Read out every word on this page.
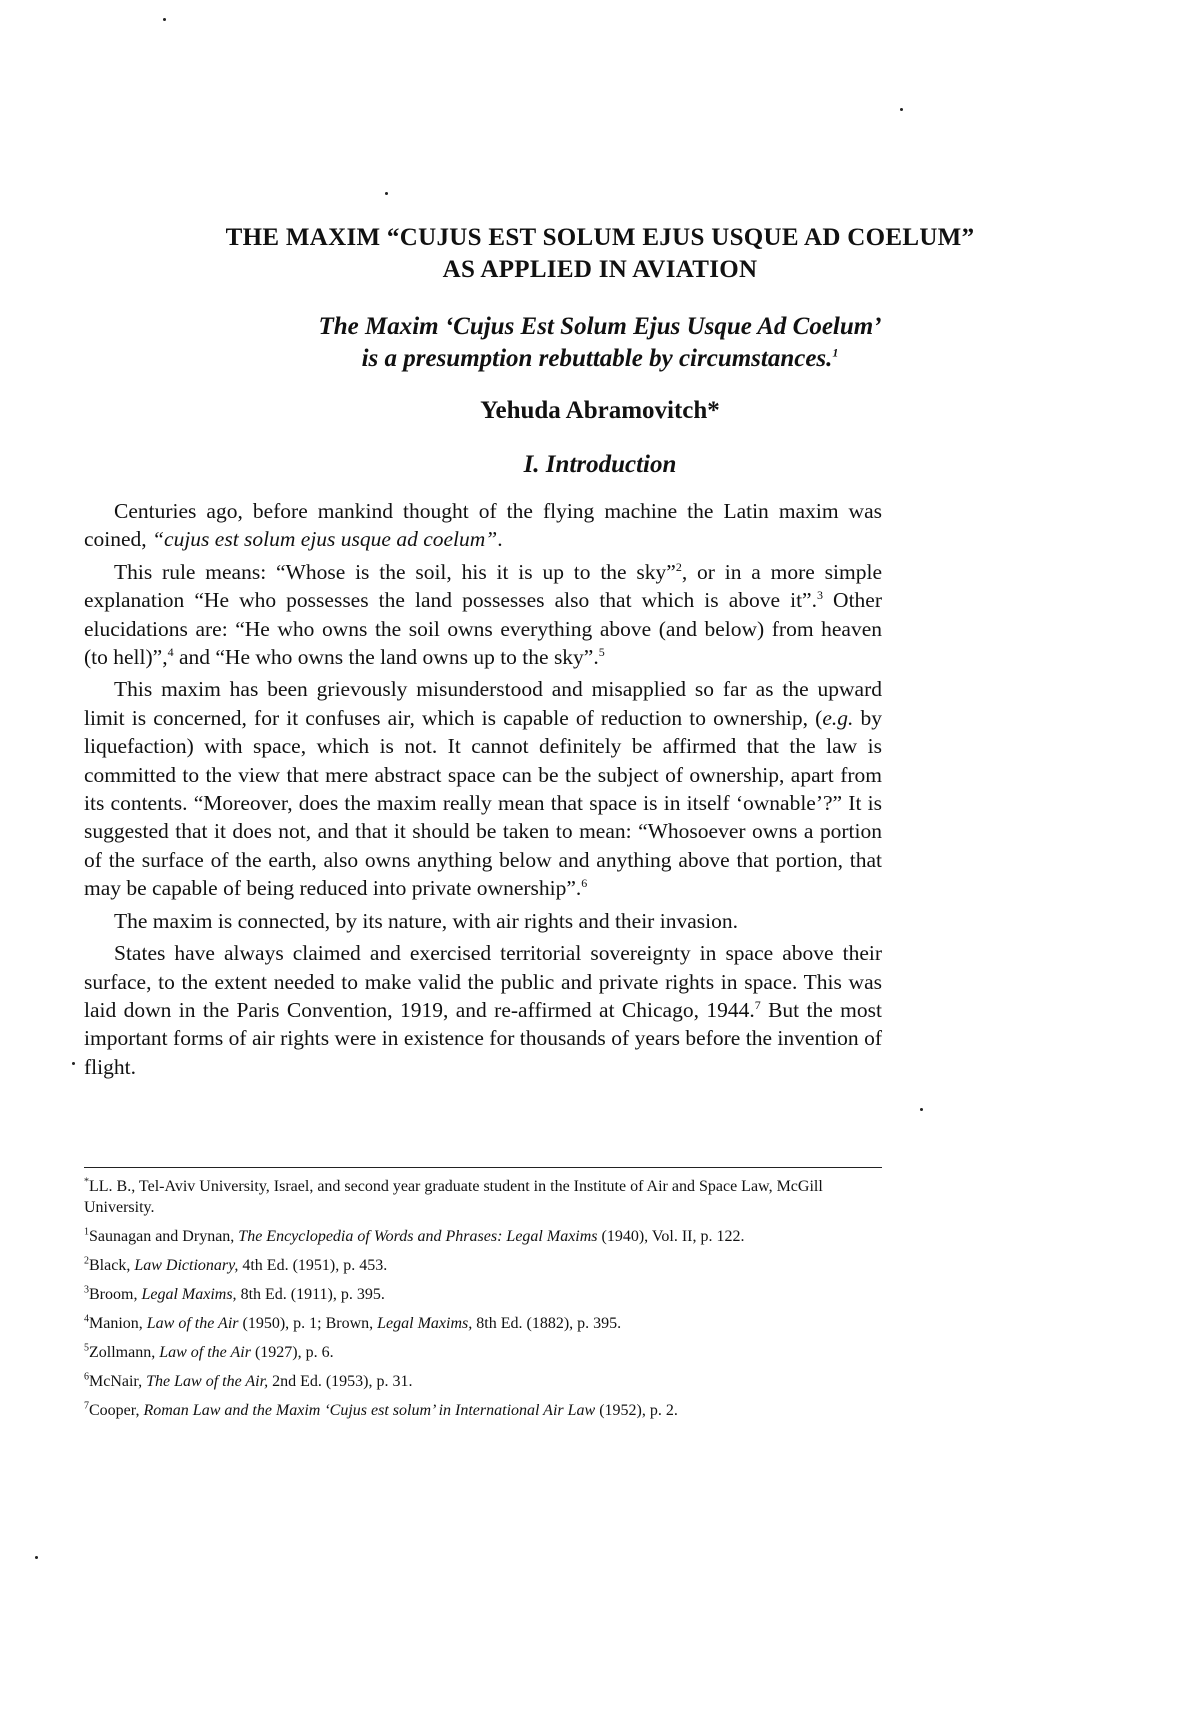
THE MAXIM “CUJUS EST SOLUM EJUS USQUE AD COELUM”
AS APPLIED IN AVIATION
The Maxim ‘Cujus Est Solum Ejus Usque Ad Coelum’
is a presumption rebuttable by circumstances.$^1$
Yehuda Abramovitch*
I. Introduction

Centuries ago, before mankind thought of the flying machine the Latin maxim was coined, “cujus est solum ejus usque ad coelum”.

This rule means: “Whose is the soil, his it is up to the sky”$^2$, or in a more simple explanation “He who possesses the land possesses also that which is above it”.$^3$ Other elucidations are: “He who owns the soil owns everything above (and below) from heaven (to hell)”,$^4$ and “He who owns the land owns up to the sky”.$^5$

This maxim has been grievously misunderstood and misapplied so far as the upward limit is concerned, for it confuses air, which is capable of reduction to ownership, (e.g. by liquefaction) with space, which is not. It cannot definitely be affirmed that the law is committed to the view that mere abstract space can be the subject of ownership, apart from its contents. “Moreover, does the maxim really mean that space is in itself ‘ownable’?” It is suggested that it does not, and that it should be taken to mean: “Whosoever owns a portion of the surface of the earth, also owns anything below and anything above that portion, that may be capable of being reduced into private ownership”.$^6$

The maxim is connected, by its nature, with air rights and their invasion.

States have always claimed and exercised territorial sovereignty in space above their surface, to the extent needed to make valid the public and private rights in space. This was laid down in the Paris Convention, 1919, and re-affirmed at Chicago, 1944.$^7$ But the most important forms of air rights were in existence for thousands of years before the invention of flight.

*LL. B., Tel-Aviv University, Israel, and second year graduate student in the Institute of Air and Space Law, McGill University.
$^1$Saunagan and Drynan, The Encyclopedia of Words and Phrases: Legal Maxims (1940), Vol. II, p. 122.
$^2$Black, Law Dictionary, 4th Ed. (1951), p. 453.
$^3$Broom, Legal Maxims, 8th Ed. (1911), p. 395.
$^4$Manion, Law of the Air (1950), p. 1; Brown, Legal Maxims, 8th Ed. (1882), p. 395.
$^5$Zollmann, Law of the Air (1927), p. 6.
$^6$McNair, The Law of the Air, 2nd Ed. (1953), p. 31.
$^7$Cooper, Roman Law and the Maxim ‘Cujus est solum’ in International Air Law (1952), p. 2.
